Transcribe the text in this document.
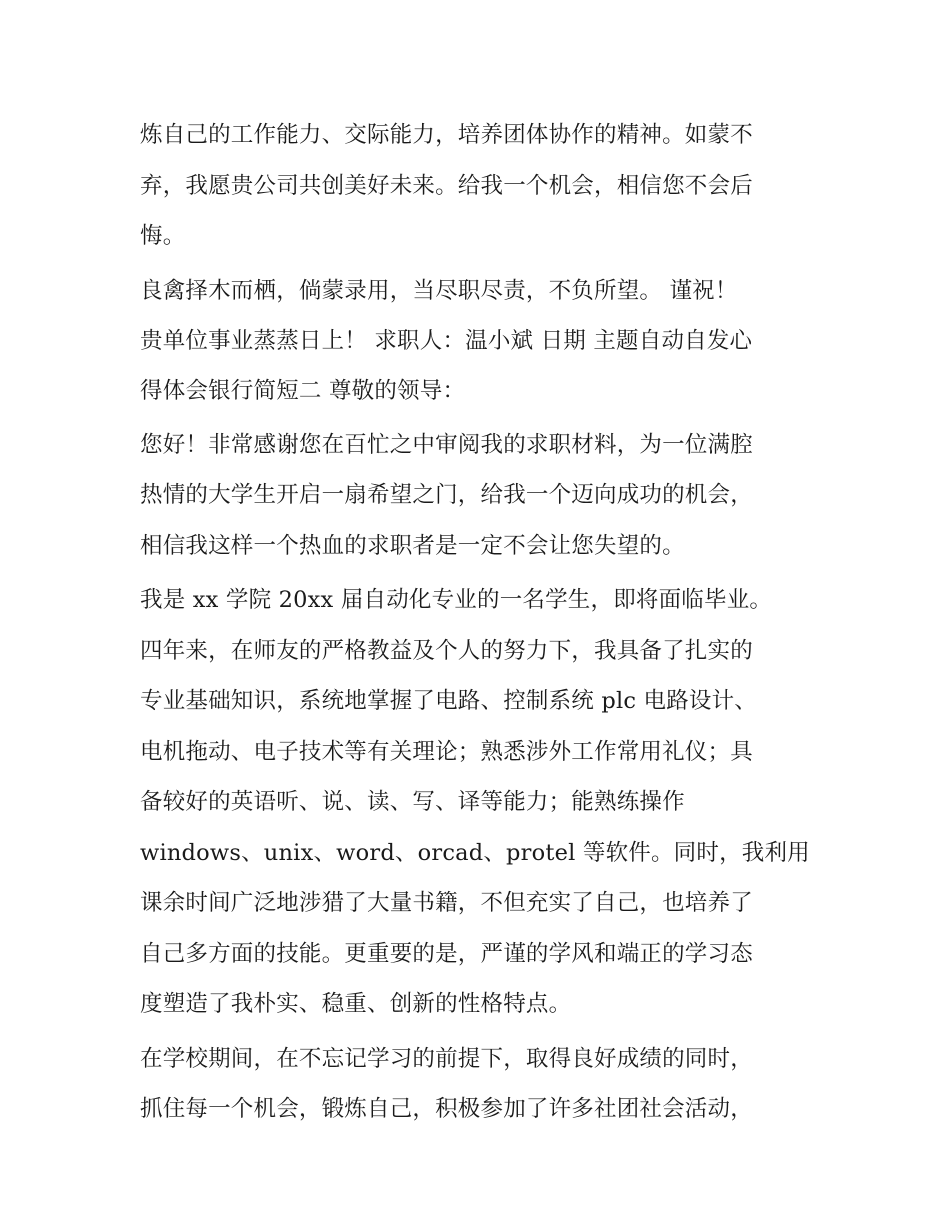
炼自己的工作能力、交际能力，培养团体协作的精神。如蒙不
弃，我愿贵公司共创美好未来。给我一个机会，相信您不会后
悔。
良禽择木而栖，倘蒙录用，当尽职尽责，不负所望。 谨祝！
贵单位事业蒸蒸日上！ 求职人：温小斌 日期 主题自动自发心
得体会银行简短二 尊敬的领导：
您好！非常感谢您在百忙之中审阅我的求职材料，为一位满腔
热情的大学生开启一扇希望之门，给我一个迈向成功的机会，
相信我这样一个热血的求职者是一定不会让您失望的。
我是 xx 学院 20xx 届自动化专业的一名学生，即将面临毕业。
四年来，在师友的严格教益及个人的努力下，我具备了扎实的
专业基础知识，系统地掌握了电路、控制系统 plc 电路设计、
电机拖动、电子技术等有关理论；熟悉涉外工作常用礼仪；具
备较好的英语听、说、读、写、译等能力；能熟练操作
windows、unix、word、orcad、protel 等软件。同时，我利用
课余时间广泛地涉猎了大量书籍，不但充实了自己，也培养了
自己多方面的技能。更重要的是，严谨的学风和端正的学习态
度塑造了我朴实、稳重、创新的性格特点。
在学校期间，在不忘记学习的前提下，取得良好成绩的同时，
抓住每一个机会，锻炼自己，积极参加了许多社团社会活动，
